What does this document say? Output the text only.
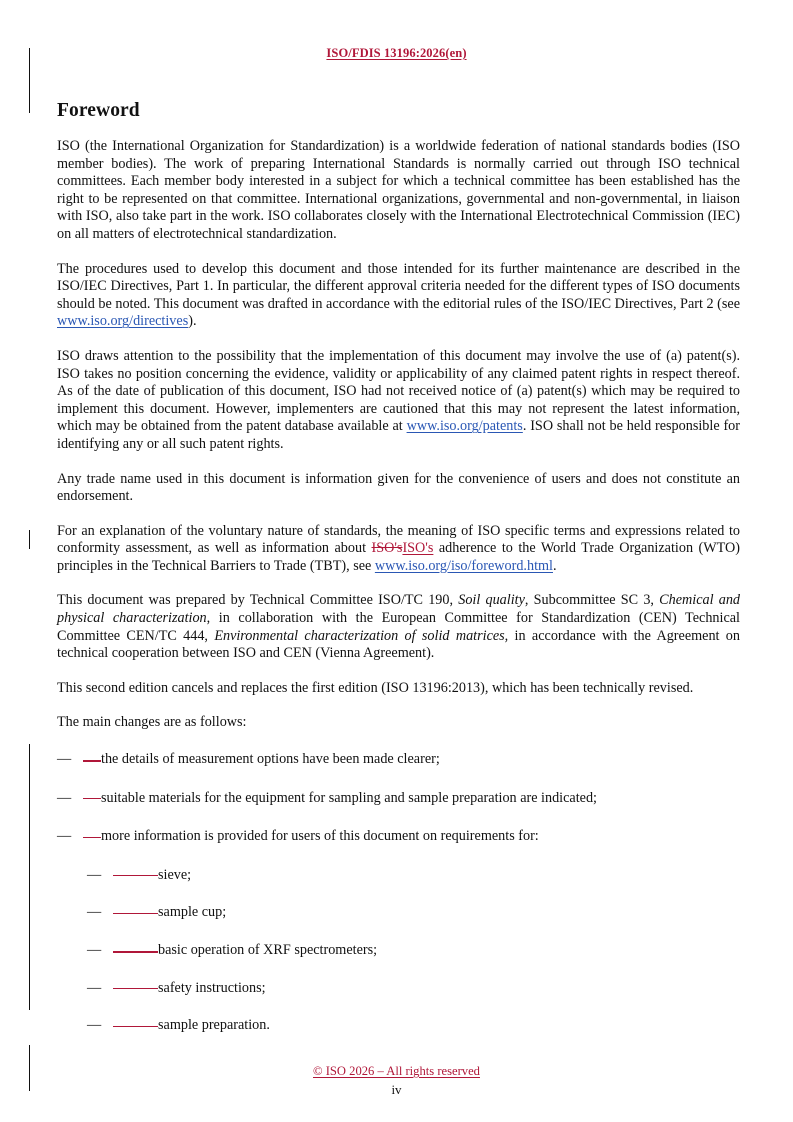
ISO/FDIS 13196:2026(en)
Foreword

ISO (the International Organization for Standardization) is a worldwide federation of national standards bodies (ISO member bodies). The work of preparing International Standards is normally carried out through ISO technical committees. Each member body interested in a subject for which a technical committee has been established has the right to be represented on that committee. International organizations, governmental and non-governmental, in liaison with ISO, also take part in the work. ISO collaborates closely with the International Electrotechnical Commission (IEC) on all matters of electrotechnical standardization.

The procedures used to develop this document and those intended for its further maintenance are described in the ISO/IEC Directives, Part 1. In particular, the different approval criteria needed for the different types of ISO documents should be noted. This document was drafted in accordance with the editorial rules of the ISO/IEC Directives, Part 2 (see www.iso.org/directives).

ISO draws attention to the possibility that the implementation of this document may involve the use of (a) patent(s). ISO takes no position concerning the evidence, validity or applicability of any claimed patent rights in respect thereof. As of the date of publication of this document, ISO had not received notice of (a) patent(s) which may be required to implement this document. However, implementers are cautioned that this may not represent the latest information, which may be obtained from the patent database available at www.iso.org/patents. ISO shall not be held responsible for identifying any or all such patent rights.

Any trade name used in this document is information given for the convenience of users and does not constitute an endorsement.

For an explanation of the voluntary nature of standards, the meaning of ISO specific terms and expressions related to conformity assessment, as well as information about ISO'sISO's adherence to the World Trade Organization (WTO) principles in the Technical Barriers to Trade (TBT), see www.iso.org/iso/foreword.html.

This document was prepared by Technical Committee ISO/TC 190, Soil quality, Subcommittee SC 3, Chemical and physical characterization, in collaboration with the European Committee for Standardization (CEN) Technical Committee CEN/TC 444, Environmental characterization of solid matrices, in accordance with the Agreement on technical cooperation between ISO and CEN (Vienna Agreement).

This second edition cancels and replaces the first edition (ISO 13196:2013), which has been technically revised.

The main changes are as follows:

— the details of measurement options have been made clearer;
— suitable materials for the equipment for sampling and sample preparation are indicated;
— more information is provided for users of this document on requirements for:
—	sieve;
—	sample cup;
—	basic operation of XRF spectrometers;
—	safety instructions;
—	sample preparation.
© ISO 2026 – All rights reserved
iv
